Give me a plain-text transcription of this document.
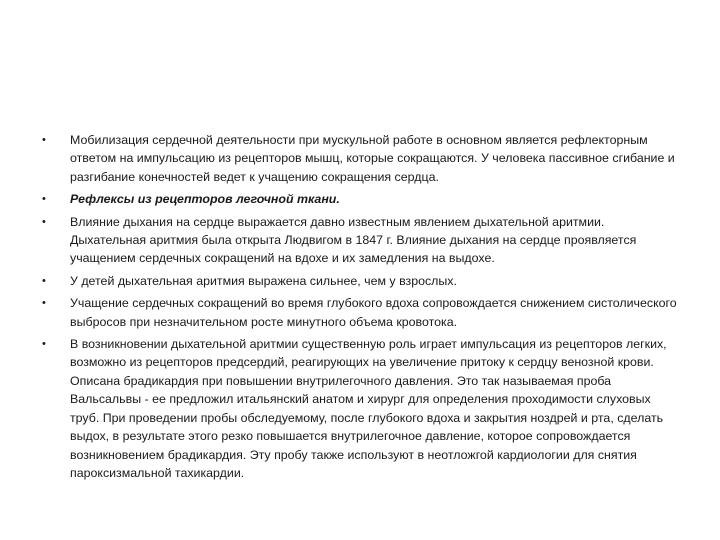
•	Мобилизация сердечной деятельности при мускульной работе в основном является рефлекторным ответом на импульсацию из рецепторов мышц, которые сокращаются. У человека пассивное сгибание и разгибание конечностей ведет к учащению сокращения сердца.
•	Рефлексы из рецепторов легочной ткани.
•	Влияние дыхания на сердце выражается давно известным явлением дыхательной аритмии. Дыхательная аритмия была открыта Людвигом в 1847 г. Влияние дыхания на сердце проявляется учащением сердечных сокращений на вдохе и их замедления на выдохе.
•	У детей дыхательная аритмия выражена сильнее, чем у взрослых.
•	Учащение сердечных сокращений во время глубокого вдоха сопровождается снижением систолического выбросов при незначительном росте минутного объема кровотока.
•	В возникновении дыхательной аритмии существенную роль играет импульсация из рецепторов легких, возможно из рецепторов предсердий, реагирующих на увеличение притоку к сердцу венозной крови. Описана брадикардия при повышении внутрилегочного давления. Это так называемая проба Вальсальвы - ее предложил итальянский анатом и хирург для определения проходимости слуховых труб. При проведении пробы обследуемому, после глубокого вдоха и закрытия ноздрей и рта, сделать выдох, в результате этого резко повышается внутрилегочное давление, которое сопровождается возникновением брадикардия. Эту пробу также используют в неотложгой кардиологии для снятия пароксизмальной тахикардии.
